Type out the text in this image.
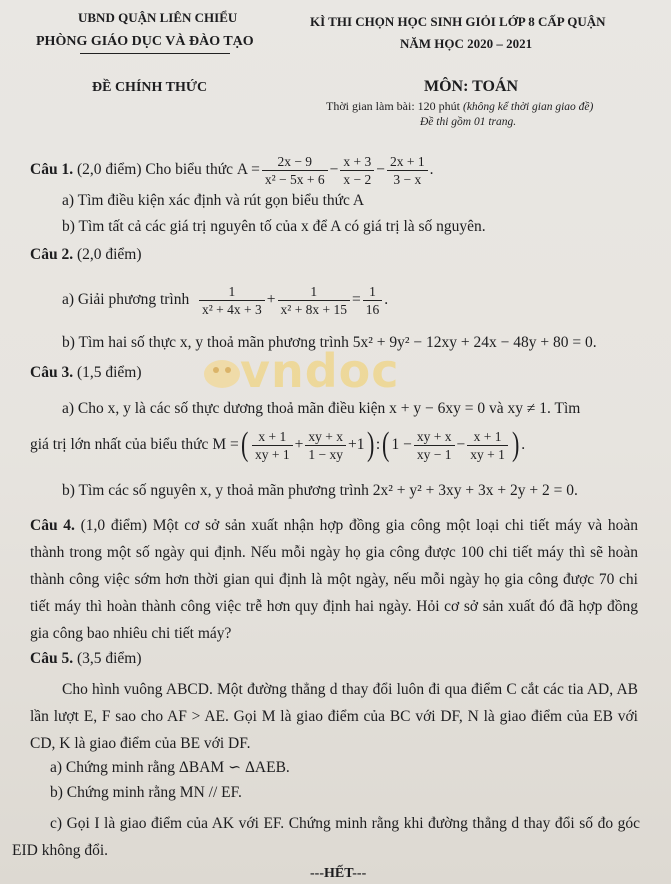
UBND QUẬN LIÊN CHIỂU
PHÒNG GIÁO DỤC VÀ ĐÀO TẠO
KÌ THI CHỌN HỌC SINH GIỎI LỚP 8 CẤP QUẬN
NĂM HỌC 2020 – 2021
ĐỀ CHÍNH THỨC	MÔN: TOÁN
Thời gian làm bài: 120 phút (không kể thời gian giao đề)
Đề thi gồm 01 trang.
vndoc
Câu 1.
(2,0 điểm) Cho biểu thức
$A = \frac{2x - 9}{\text{x² − 5x + 6}} - \frac{x + 3}{x - 2} - \frac{2x + 1}{3 - x}$ .
a) Tìm điều kiện xác định và rút gọn biểu thức A
b) Tìm tất cả các giá trị nguyên tố của x để A có giá trị là số nguyên.
Câu 2. (2,0 điểm)
a) Giải phương trình
$\frac{1}{\text{x² + 4x + 3}} + \frac{1}{\text{x² + 8x + 15}} = \frac{1}{16}$ .
b) Tìm hai số thực x, y thoả mãn phương trình 5x² + 9y² − 12xy + 24x − 48y + 80 = 0.
Câu 3. (1,5 điểm)
a) Cho x, y là các số thực dương thoả mãn điều kiện x + y − 6xy = 0 và xy ≠ 1. Tìm
giá trị lớn nhất của biểu thức
M = ( $\frac{x + 1}{xy + 1} + \frac{xy + x}{1 - xy} +1$ ) : ( $1 - \frac{xy + x}{xy - 1} - \frac{x + 1}{xy + 1}$ ) .
b) Tìm các số nguyên x, y thoả mãn phương trình 2x² + y² + 3xy + 3x + 2y + 2 = 0.
Câu 4. (1,0 điểm) Một cơ sở sản xuất nhận hợp đồng gia công một loại chi tiết máy và hoàn thành trong một số ngày qui định. Nếu mỗi ngày họ gia công được 100 chi tiết máy thì sẽ hoàn thành công việc sớm hơn thời gian qui định là một ngày, nếu mỗi ngày họ gia công được 70 chi tiết máy thì hoàn thành công việc trễ hơn quy định hai ngày. Hỏi cơ sở sản xuất đó đã hợp đồng gia công bao nhiêu chi tiết máy?
Câu 5. (3,5 điểm)
Cho hình vuông ABCD. Một đường thẳng d thay đổi luôn đi qua điểm C cắt các tia AD, AB lần lượt E, F sao cho AF > AE. Gọi M là giao điểm của BC với DF, N là giao điểm của EB với CD, K là giao điểm của BE với DF.
a) Chứng minh rằng ΔBAM ∽ ΔAEB.
b) Chứng minh rằng MN // EF.
c) Gọi I là giao điểm của AK với EF. Chứng minh rằng khi đường thẳng d thay đổi số đo góc EID không đổi.
---HẾT---
